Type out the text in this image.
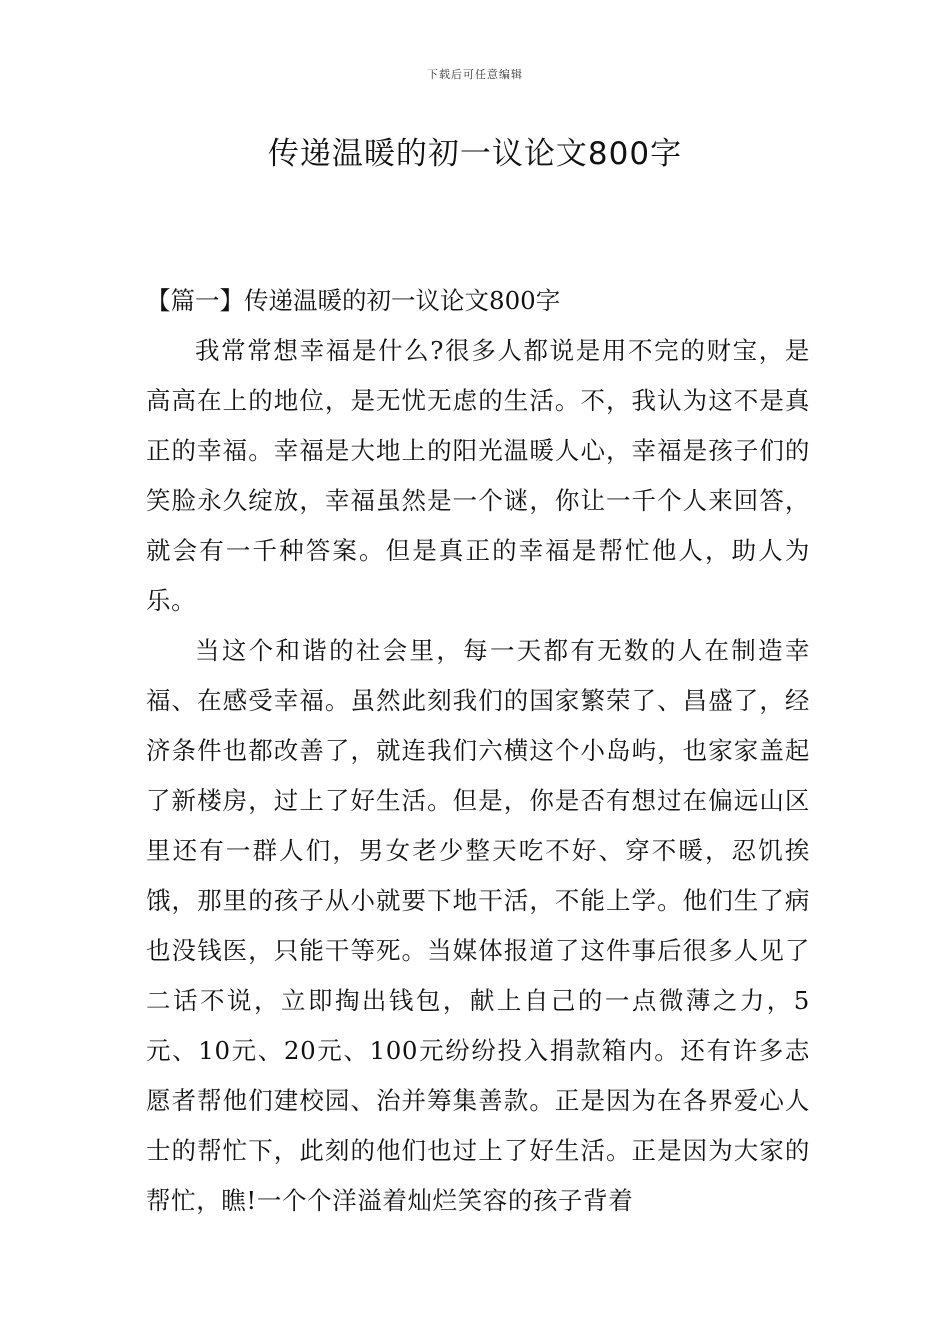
下载后可任意编辑
传递温暖的初一议论文800字

【篇一】传递温暖的初一议论文800字

我常常想幸福是什么?很多人都说是用不完的财宝，是高高在上的地位，是无忧无虑的生活。不，我认为这不是真正的幸福。幸福是大地上的阳光温暖人心，幸福是孩子们的笑脸永久绽放，幸福虽然是一个谜，你让一千个人来回答，就会有一千种答案。但是真正的幸福是帮忙他人，助人为乐。

当这个和谐的社会里，每一天都有无数的人在制造幸福、在感受幸福。虽然此刻我们的国家繁荣了、昌盛了，经济条件也都改善了，就连我们六横这个小岛屿，也家家盖起了新楼房，过上了好生活。但是，你是否有想过在偏远山区里还有一群人们，男女老少整天吃不好、穿不暖，忍饥挨饿，那里的孩子从小就要下地干活，不能上学。他们生了病也没钱医，只能干等死。当媒体报道了这件事后很多人见了二话不说，立即掏出钱包，献上自己的一点微薄之力，5元、10元、20元、100元纷纷投入捐款箱内。还有许多志愿者帮他们建校园、治并筹集善款。正是因为在各界爱心人士的帮忙下，此刻的他们也过上了好生活。正是因为大家的帮忙，瞧!一个个洋溢着灿烂笑容的孩子背着
